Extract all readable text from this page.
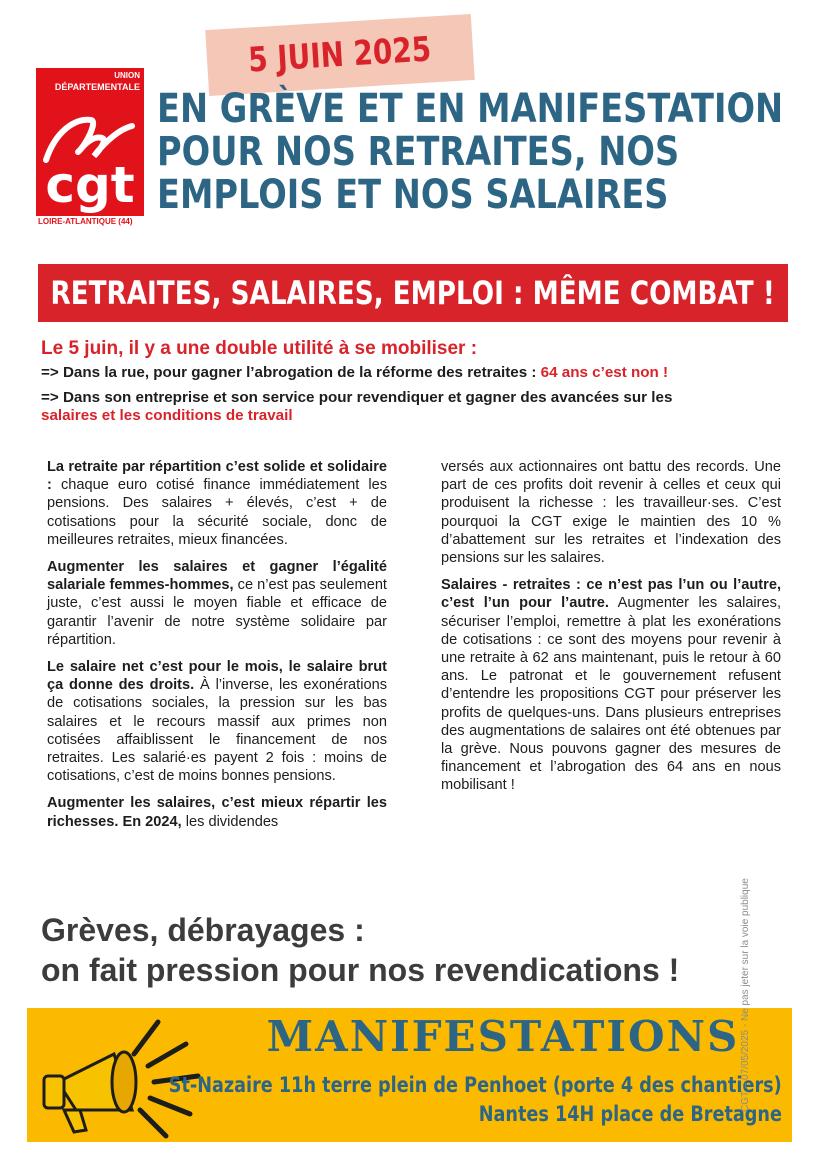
5 JUIN 2025
UNION
DÉPARTEMENTALE
cgt
LOIRE-ATLANTIQUE (44)
EN GRÈVE ET EN MANIFESTATION
POUR NOS RETRAITES, NOS
EMPLOIS ET NOS SALAIRES
RETRAITES, SALAIRES, EMPLOI : MÊME COMBAT !
Le 5 juin, il y a une double utilité à se mobiliser :
=> Dans la rue, pour gagner l’abrogation de la réforme des retraites : 64 ans c’est non !
=> Dans son entreprise et son service pour revendiquer et gagner des avancées sur les
salaires et les conditions de travail

La retraite par répartition c’est solide et solidaire : chaque euro cotisé finance immédiatement les pensions. Des salaires + élevés, c’est + de cotisations pour la sécurité sociale, donc de meilleures retraites, mieux financées.

Augmenter les salaires et gagner l’égalité salariale femmes-hommes, ce n’est pas seulement juste, c’est aussi le moyen fiable et efficace de garantir l’avenir de notre système solidaire par répartition.

Le salaire net c’est pour le mois, le salaire brut ça donne des droits. À l’inverse, les exonérations de cotisations sociales, la pression sur les bas salaires et le recours massif aux primes non cotisées affaiblissent le financement de nos retraites. Les salarié·es payent 2 fois : moins de cotisations, c’est de moins bonnes pensions.

Augmenter les salaires, c’est mieux répartir les richesses. En 2024, les dividendes

versés aux actionnaires ont battu des records. Une part de ces profits doit revenir à celles et ceux qui produisent la richesse : les travailleur·ses. C’est pourquoi la CGT exige le maintien des 10 % d’abattement sur les retraites et l’indexation des pensions sur les salaires.

Salaires - retraites : ce n’est pas l’un ou l’autre, c’est l’un pour l’autre. Augmenter les salaires, sécuriser l’emploi, remettre à plat les exonérations de cotisations : ce sont des moyens pour revenir à une retraite à 62 ans maintenant, puis le retour à 60 ans. Le patronat et le gouvernement refusent d’entendre les propositions CGT pour préserver les profits de quelques-uns. Dans plusieurs entreprises des augmentations de salaires ont été obtenues par la grève. Nous pouvons gagner des mesures de financement et l’abrogation des 64 ans en nous mobilisant !

Grèves, débrayages :
on fait pression pour nos revendications !
MANIFESTATIONS
St-Nazaire 11h terre plein de Penhoet (porte 4 des chantiers)
Nantes 14H place de Bretagne
CGT – 07/05/2025 - Ne pas jeter sur la voie publique
